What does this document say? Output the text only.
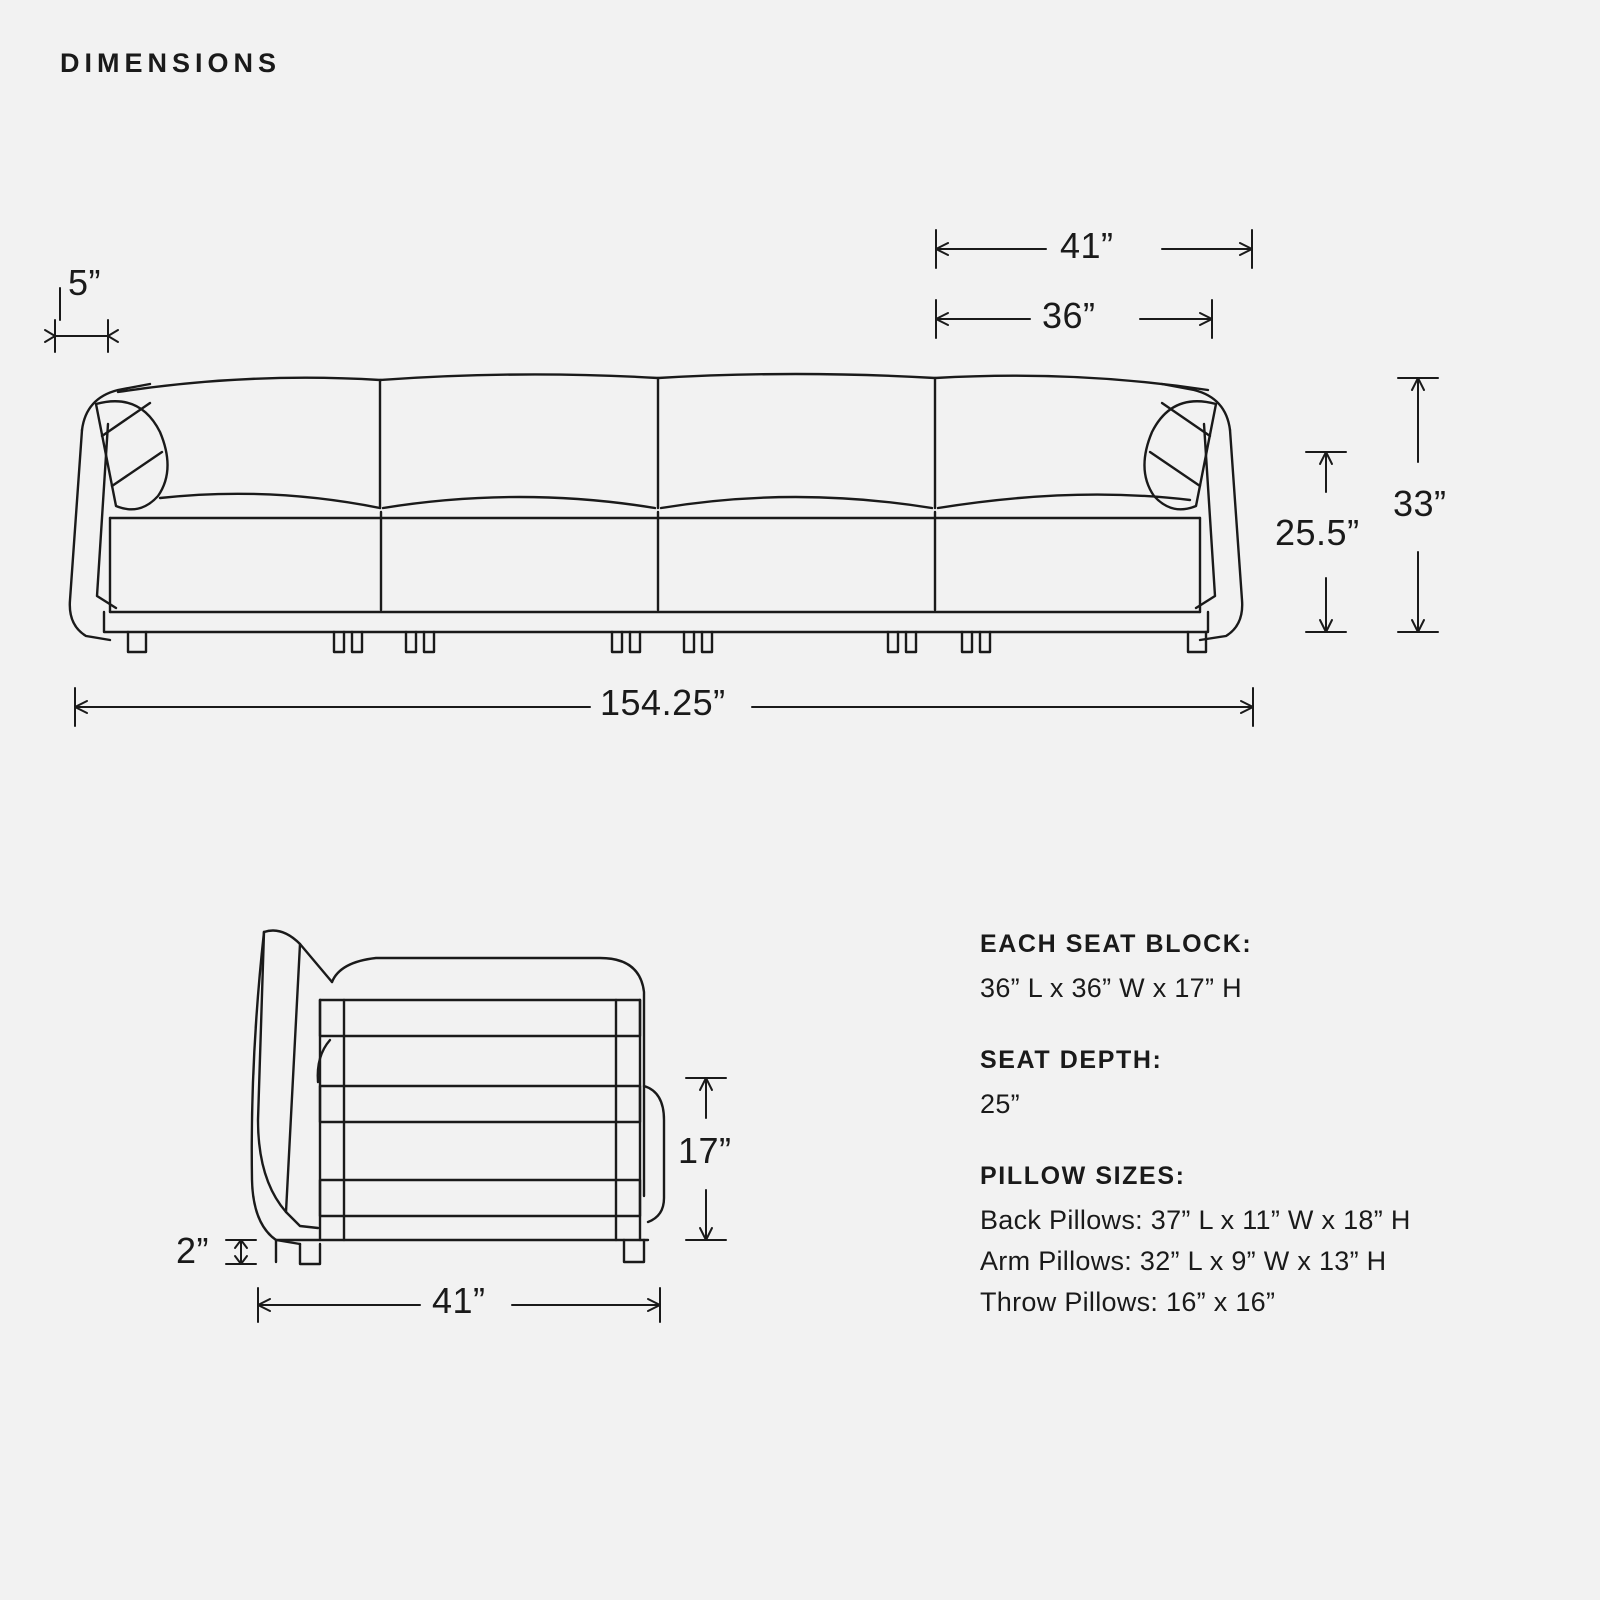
DIMENSIONS
5”
41”
36”
25.5”
33”
154.25”
2”
17”
41”
EACH SEAT BLOCK:
36” L x 36” W x 17” H
SEAT DEPTH:
25”
PILLOW SIZES:
Back Pillows: 37” L x 11” W x 18” H
Arm Pillows: 32” L x 9” W x 13” H
Throw Pillows: 16” x 16”
